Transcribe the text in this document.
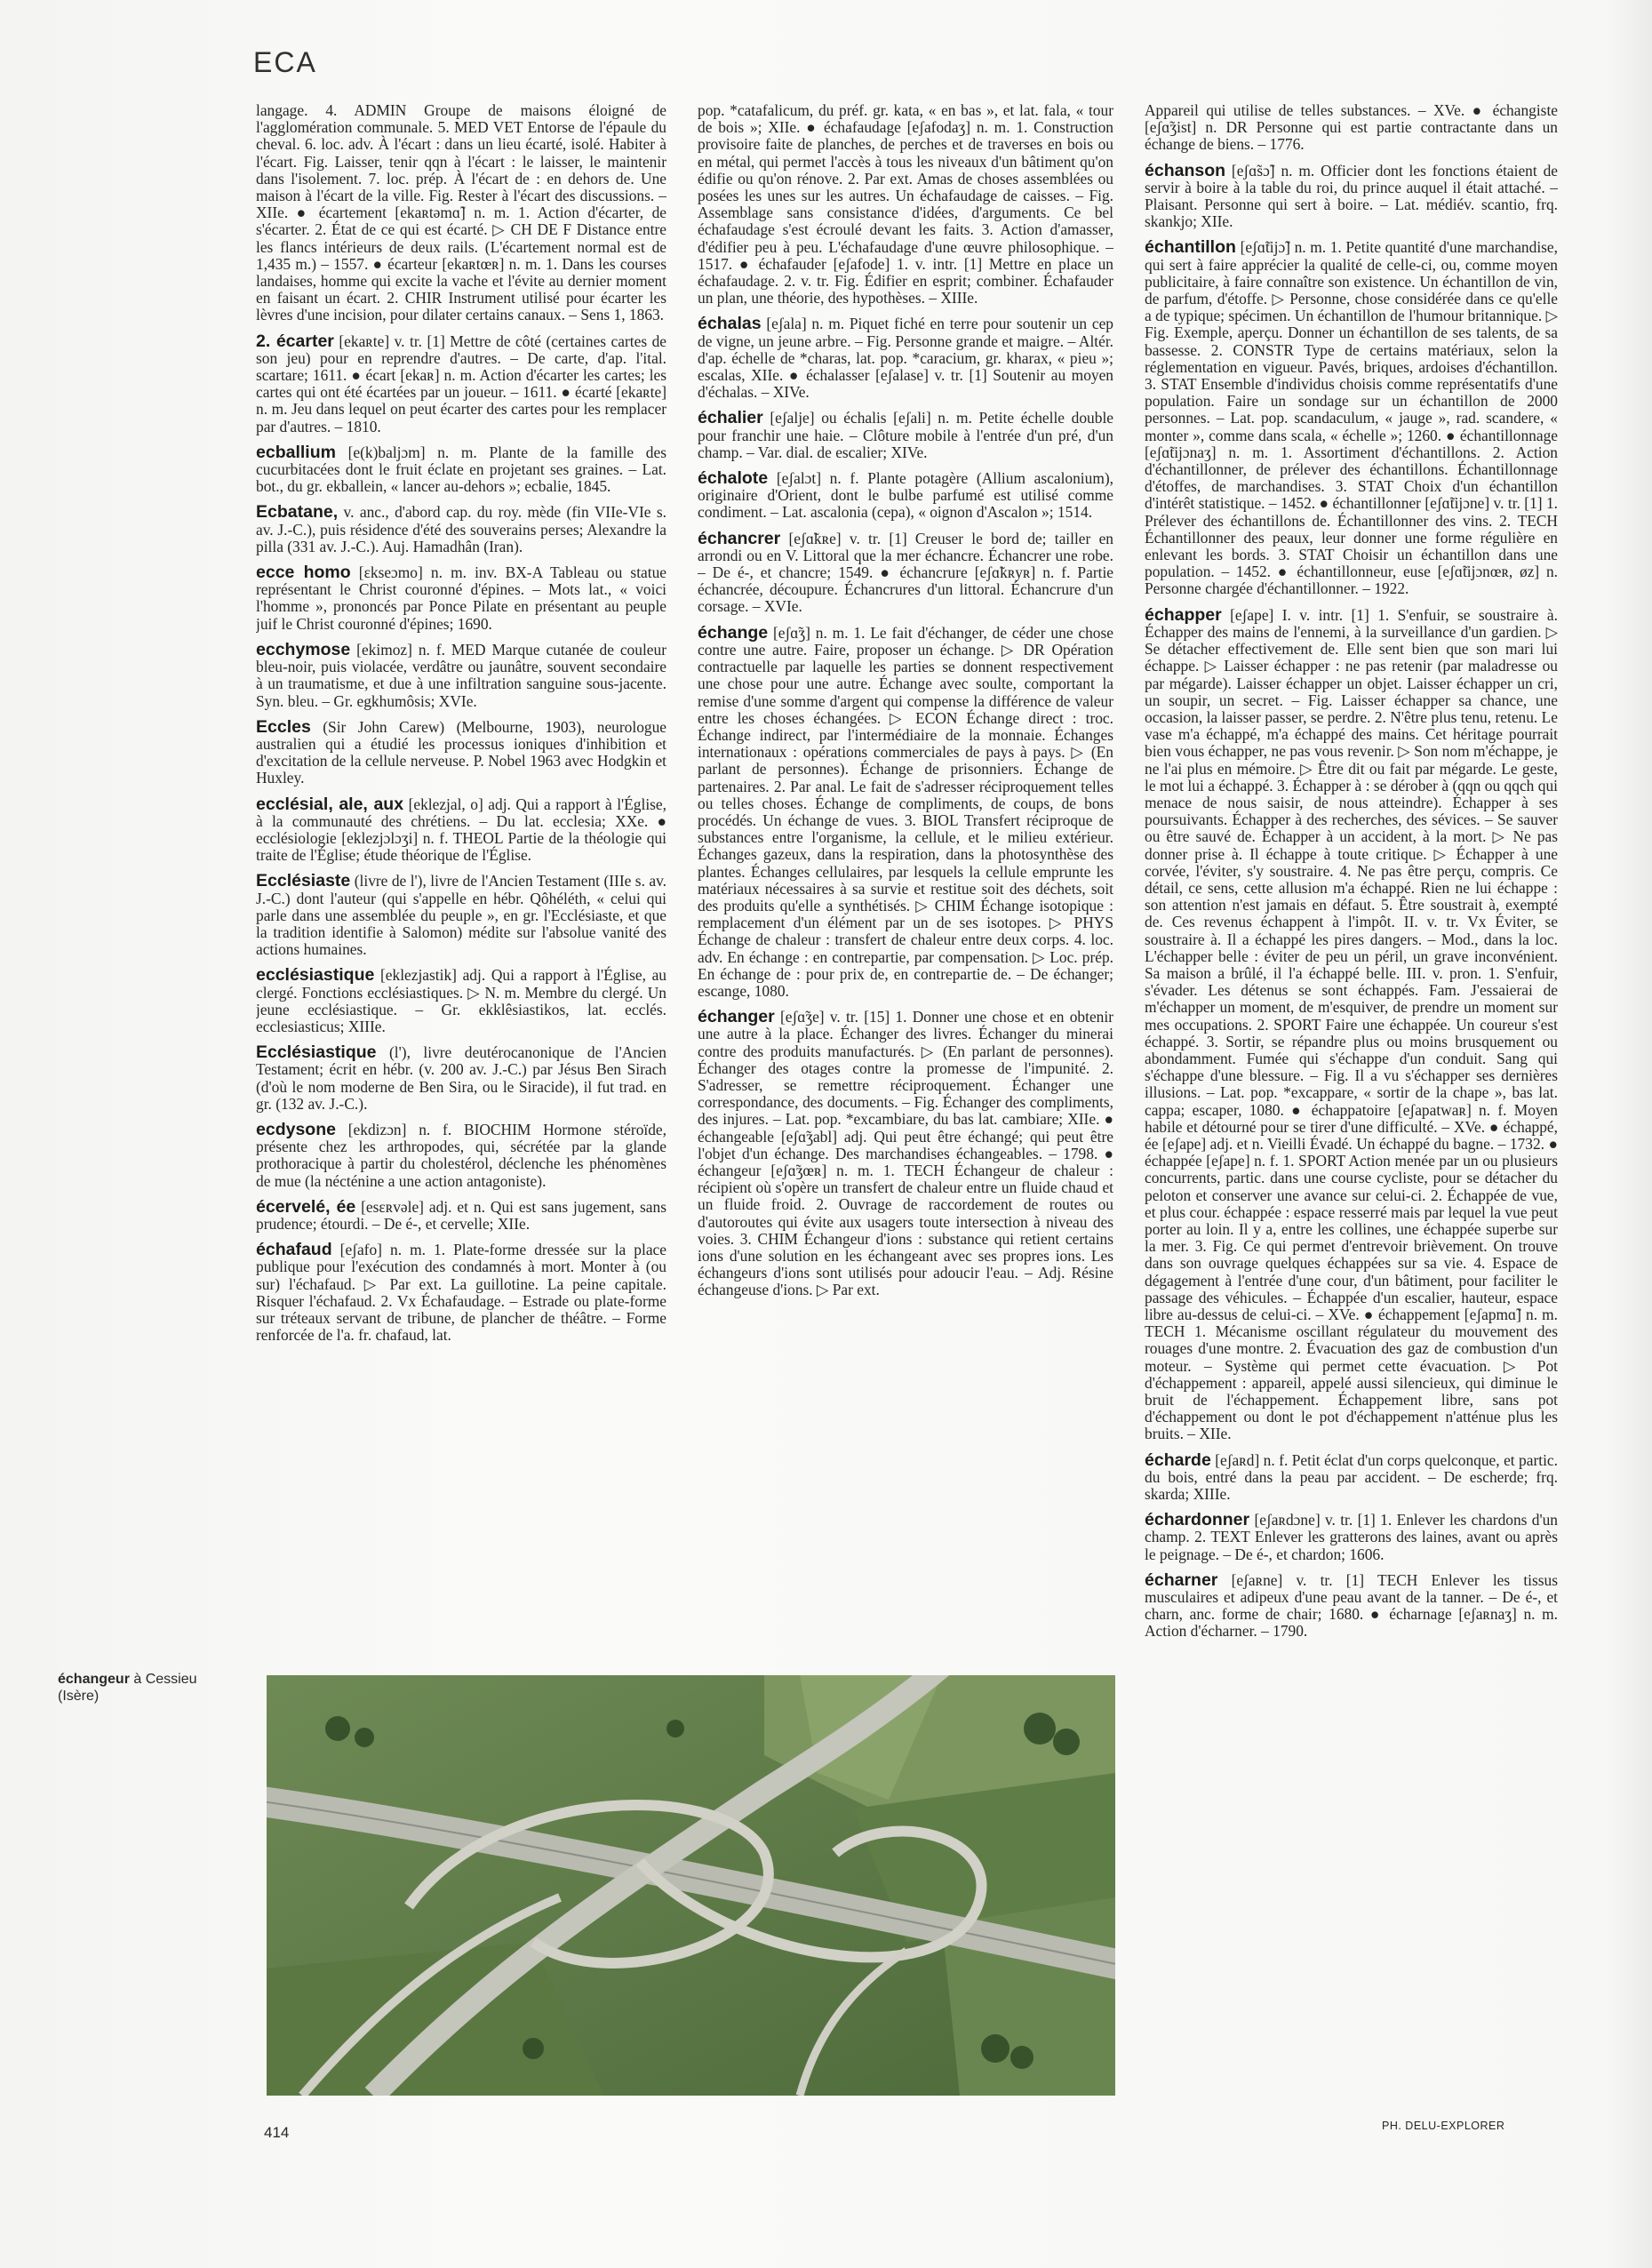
ECA

langage. 4. ADMIN Groupe de maisons éloigné de l'agglomération communale. 5. MED VET Entorse de l'épaule du cheval. 6. loc. adv. À l'écart : dans un lieu écarté, isolé. Habiter à l'écart. Fig. Laisser, tenir qqn à l'écart : le laisser, le maintenir dans l'isolement. 7. loc. prép. À l'écart de : en dehors de. Une maison à l'écart de la ville. Fig. Rester à l'écart des discussions. – XIIe. ● écartement [ekaʀtəmɑ̃] n. m. 1. Action d'écarter, de s'écarter. 2. État de ce qui est écarté. ▷ CH DE F Distance entre les flancs intérieurs de deux rails. (L'écartement normal est de 1,435 m.) – 1557. ● écarteur [ekaʀtœʀ] n. m. 1. Dans les courses landaises, homme qui excite la vache et l'évite au dernier moment en faisant un écart. 2. CHIR Instrument utilisé pour écarter les lèvres d'une incision, pour dilater certains canaux. – Sens 1, 1863.

2. écarter [ekaʀte] v. tr. [1] Mettre de côté (certaines cartes de son jeu) pour en reprendre d'autres. – De carte, d'ap. l'ital. scartare; 1611. ● écart [ekaʀ] n. m. Action d'écarter les cartes; les cartes qui ont été écartées par un joueur. – 1611. ● écarté [ekaʀte] n. m. Jeu dans lequel on peut écarter des cartes pour les remplacer par d'autres. – 1810.

ecballium [e(k)balјɔm] n. m. Plante de la famille des cucurbitacées dont le fruit éclate en projetant ses graines. – Lat. bot., du gr. ekballein, « lancer au-dehors »; ecbalie, 1845.

Ecbatane, v. anc., d'abord cap. du roy. mède (fin VIIe-VIe s. av. J.-C.), puis résidence d'été des souverains perses; Alexandre la pilla (331 av. J.-C.). Auj. Hamadhân (Iran).

ecce homo [ɛkseɔmo] n. m. inv. BX-A Tableau ou statue représentant le Christ couronné d'épines. – Mots lat., « voici l'homme », prononcés par Ponce Pilate en présentant au peuple juif le Christ couronné d'épines; 1690.

ecchymose [ekimoz] n. f. MED Marque cutanée de couleur bleu-noir, puis violacée, verdâtre ou jaunâtre, souvent secondaire à un traumatisme, et due à une infiltration sanguine sous-jacente. Syn. bleu. – Gr. egkhumôsis; XVIe.

Eccles (Sir John Carew) (Melbourne, 1903), neurologue australien qui a étudié les processus ioniques d'inhibition et d'excitation de la cellule nerveuse. P. Nobel 1963 avec Hodgkin et Huxley.

ecclésial, ale, aux [eklezjal, o] adj. Qui a rapport à l'Église, à la communauté des chrétiens. – Du lat. ecclesia; XXe. ● ecclésiologie [eklezjɔlɔʒi] n. f. THEOL Partie de la théologie qui traite de l'Église; étude théorique de l'Église.

Ecclésiaste (livre de l'), livre de l'Ancien Testament (IIIe s. av. J.-C.) dont l'auteur (qui s'appelle en hébr. Qôhéléth, « celui qui parle dans une assemblée du peuple », en gr. l'Ecclésiaste, et que la tradition identifie à Salomon) médite sur l'absolue vanité des actions humaines.

ecclésiastique [eklezjastik] adj. Qui a rapport à l'Église, au clergé. Fonctions ecclésiastiques. ▷ N. m. Membre du clergé. Un jeune ecclésiastique. – Gr. ekklêsiastikos, lat. ecclés. ecclesiasticus; XIIIe.

Ecclésiastique (l'), livre deutérocanonique de l'Ancien Testament; écrit en hébr. (v. 200 av. J.-C.) par Jésus Ben Sirach (d'où le nom moderne de Ben Sira, ou le Siracide), il fut trad. en gr. (132 av. J.-C.).

ecdysone [ekdizɔn] n. f. BIOCHIM Hormone stéroïde, présente chez les arthropodes, qui, sécrétée par la glande prothoracique à partir du cholestérol, déclenche les phénomènes de mue (la nécténine a une action antagoniste).

écervelé, ée [esɛʀvəle] adj. et n. Qui est sans jugement, sans prudence; étourdi. – De é-, et cervelle; XIIe.

échafaud [eʃafo] n. m. 1. Plate-forme dressée sur la place publique pour l'exécution des condamnés à mort. Monter à (ou sur) l'échafaud. ▷ Par ext. La guillotine. La peine capitale. Risquer l'échafaud. 2. Vx Échafaudage. – Estrade ou plate-forme sur tréteaux servant de tribune, de plancher de théâtre. – Forme renforcée de l'a. fr. chafaud, lat.

pop. *catafalicum, du préf. gr. kata, « en bas », et lat. fala, « tour de bois »; XIIe. ● échafaudage [eʃafodaʒ] n. m. 1. Construction provisoire faite de planches, de perches et de traverses en bois ou en métal, qui permet l'accès à tous les niveaux d'un bâtiment qu'on édifie ou qu'on rénove. 2. Par ext. Amas de choses assemblées ou posées les unes sur les autres. Un échafaudage de caisses. – Fig. Assemblage sans consistance d'idées, d'arguments. Ce bel échafaudage s'est écroulé devant les faits. 3. Action d'amasser, d'édifier peu à peu. L'échafaudage d'une œuvre philosophique. – 1517. ● échafauder [eʃafode] 1. v. intr. [1] Mettre en place un échafaudage. 2. v. tr. Fig. Édifier en esprit; combiner. Échafauder un plan, une théorie, des hypothèses. – XIIIe.

échalas [eʃala] n. m. Piquet fiché en terre pour soutenir un cep de vigne, un jeune arbre. – Fig. Personne grande et maigre. – Altér. d'ap. échelle de *charas, lat. pop. *caracium, gr. kharax, « pieu »; escalas, XIIe. ● échalasser [eʃalase] v. tr. [1] Soutenir au moyen d'échalas. – XIVe.

échalier [eʃalje] ou échalis [eʃali] n. m. Petite échelle double pour franchir une haie. – Clôture mobile à l'entrée d'un pré, d'un champ. – Var. dial. de escalier; XIVe.

échalote [eʃalɔt] n. f. Plante potagère (Allium ascalonium), originaire d'Orient, dont le bulbe parfumé est utilisé comme condiment. – Lat. ascalonia (cepa), « oignon d'Ascalon »; 1514.

échancrer [eʃɑ̃kʀe] v. tr. [1] Creuser le bord de; tailler en arrondi ou en V. Littoral que la mer échancre. Échancrer une robe. – De é-, et chancre; 1549. ● échancrure [eʃɑ̃kʀyʀ] n. f. Partie échancrée, découpure. Échancrures d'un littoral. Échancrure d'un corsage. – XVIe.

échange [eʃɑ̃ʒ] n. m. 1. Le fait d'échanger, de céder une chose contre une autre. Faire, proposer un échange. ▷ DR Opération contractuelle par laquelle les parties se donnent respectivement une chose pour une autre. Échange avec soulte, comportant la remise d'une somme d'argent qui compense la différence de valeur entre les choses échangées. ▷ ECON Échange direct : troc. Échange indirect, par l'intermédiaire de la monnaie. Échanges internationaux : opérations commerciales de pays à pays. ▷ (En parlant de personnes). Échange de prisonniers. Échange de partenaires. 2. Par anal. Le fait de s'adresser réciproquement telles ou telles choses. Échange de compliments, de coups, de bons procédés. Un échange de vues. 3. BIOL Transfert réciproque de substances entre l'organisme, la cellule, et le milieu extérieur. Échanges gazeux, dans la respiration, dans la photosynthèse des plantes. Échanges cellulaires, par lesquels la cellule emprunte les matériaux nécessaires à sa survie et restitue soit des déchets, soit des produits qu'elle a synthétisés. ▷ CHIM Échange isotopique : remplacement d'un élément par un de ses isotopes. ▷ PHYS Échange de chaleur : transfert de chaleur entre deux corps. 4. loc. adv. En échange : en contrepartie, par compensation. ▷ Loc. prép. En échange de : pour prix de, en contrepartie de. – De échanger; escange, 1080.

échanger [eʃɑ̃ʒe] v. tr. [15] 1. Donner une chose et en obtenir une autre à la place. Échanger des livres. Échanger du minerai contre des produits manufacturés. ▷ (En parlant de personnes). Échanger des otages contre la promesse de l'impunité. 2. S'adresser, se remettre réciproquement. Échanger une correspondance, des documents. – Fig. Échanger des compliments, des injures. – Lat. pop. *excambiare, du bas lat. cambiare; XIIe. ● échangeable [eʃɑ̃ʒabl] adj. Qui peut être échangé; qui peut être l'objet d'un échange. Des marchandises échangeables. – 1798. ● échangeur [eʃɑ̃ʒœʀ] n. m. 1. TECH Échangeur de chaleur : récipient où s'opère un transfert de chaleur entre un fluide chaud et un fluide froid. 2. Ouvrage de raccordement de routes ou d'autoroutes qui évite aux usagers toute intersection à niveau des voies. 3. CHIM Échangeur d'ions : substance qui retient certains ions d'une solution en les échangeant avec ses propres ions. Les échangeurs d'ions sont utilisés pour adoucir l'eau. – Adj. Résine échangeuse d'ions. ▷ Par ext.

Appareil qui utilise de telles substances. – XVe. ● échangiste [eʃɑ̃ʒist] n. DR Personne qui est partie contractante dans un échange de biens. – 1776.

échanson [eʃɑ̃sɔ̃] n. m. Officier dont les fonctions étaient de servir à boire à la table du roi, du prince auquel il était attaché. – Plaisant. Personne qui sert à boire. – Lat. médiév. scantio, frq. skankjo; XIIe.

échantillon [eʃɑ̃tijɔ̃] n. m. 1. Petite quantité d'une marchandise, qui sert à faire apprécier la qualité de celle-ci, ou, comme moyen publicitaire, à faire connaître son existence. Un échantillon de vin, de parfum, d'étoffe. ▷ Personne, chose considérée dans ce qu'elle a de typique; spécimen. Un échantillon de l'humour britannique. ▷ Fig. Exemple, aperçu. Donner un échantillon de ses talents, de sa bassesse. 2. CONSTR Type de certains matériaux, selon la réglementation en vigueur. Pavés, briques, ardoises d'échantillon. 3. STAT Ensemble d'individus choisis comme représentatifs d'une population. Faire un sondage sur un échantillon de 2000 personnes. – Lat. pop. scandaculum, « jauge », rad. scandere, « monter », comme dans scala, « échelle »; 1260. ● échantillonnage [eʃɑ̃tijɔnaʒ] n. m. 1. Assortiment d'échantillons. 2. Action d'échantillonner, de prélever des échantillons. Échantillonnage d'étoffes, de marchandises. 3. STAT Choix d'un échantillon d'intérêt statistique. – 1452. ● échantillonner [eʃɑ̃tijɔne] v. tr. [1] 1. Prélever des échantillons de. Échantillonner des vins. 2. TECH Échantillonner des peaux, leur donner une forme régulière en enlevant les bords. 3. STAT Choisir un échantillon dans une population. – 1452. ● échantillonneur, euse [eʃɑ̃tijɔnœʀ, øz] n. Personne chargée d'échantillonner. – 1922.

échapper [eʃape] I. v. intr. [1] 1. S'enfuir, se soustraire à. Échapper des mains de l'ennemi, à la surveillance d'un gardien. ▷ Se détacher effectivement de. Elle sent bien que son mari lui échappe. ▷ Laisser échapper : ne pas retenir (par maladresse ou par mégarde). Laisser échapper un objet. Laisser échapper un cri, un soupir, un secret. – Fig. Laisser échapper sa chance, une occasion, la laisser passer, se perdre. 2. N'être plus tenu, retenu. Le vase m'a échappé, m'a échappé des mains. Cet héritage pourrait bien vous échapper, ne pas vous revenir. ▷ Son nom m'échappe, je ne l'ai plus en mémoire. ▷ Être dit ou fait par mégarde. Le geste, le mot lui a échappé. 3. Échapper à : se dérober à (qqn ou qqch qui menace de nous saisir, de nous atteindre). Échapper à ses poursuivants. Échapper à des recherches, des sévices. – Se sauver ou être sauvé de. Échapper à un accident, à la mort. ▷ Ne pas donner prise à. Il échappe à toute critique. ▷ Échapper à une corvée, l'éviter, s'y soustraire. 4. Ne pas être perçu, compris. Ce détail, ce sens, cette allusion m'a échappé. Rien ne lui échappe : son attention n'est jamais en défaut. 5. Être soustrait à, exempté de. Ces revenus échappent à l'impôt. II. v. tr. Vx Éviter, se soustraire à. Il a échappé les pires dangers. – Mod., dans la loc. L'échapper belle : éviter de peu un péril, un grave inconvénient. Sa maison a brûlé, il l'a échappé belle. III. v. pron. 1. S'enfuir, s'évader. Les détenus se sont échappés. Fam. J'essaierai de m'échapper un moment, de m'esquiver, de prendre un moment sur mes occupations. 2. SPORT Faire une échappée. Un coureur s'est échappé. 3. Sortir, se répandre plus ou moins brusquement ou abondamment. Fumée qui s'échappe d'un conduit. Sang qui s'échappe d'une blessure. – Fig. Il a vu s'échapper ses dernières illusions. – Lat. pop. *excappare, « sortir de la chape », bas lat. cappa; escaper, 1080. ● échappatoire [eʃapatwaʀ] n. f. Moyen habile et détourné pour se tirer d'une difficulté. – XVe. ● échappé, ée [eʃape] adj. et n. Vieilli Évadé. Un échappé du bagne. – 1732. ● échappée [eʃape] n. f. 1. SPORT Action menée par un ou plusieurs concurrents, partic. dans une course cycliste, pour se détacher du peloton et conserver une avance sur celui-ci. 2. Échappée de vue, et plus cour. échappée : espace resserré mais par lequel la vue peut porter au loin. Il y a, entre les collines, une échappée superbe sur la mer. 3. Fig. Ce qui permet d'entrevoir brièvement. On trouve dans son ouvrage quelques échappées sur sa vie. 4. Espace de dégagement à l'entrée d'une cour, d'un bâtiment, pour faciliter le passage des véhicules. – Échappée d'un escalier, hauteur, espace libre au-dessus de celui-ci. – XVe. ● échappement [eʃapmɑ̃] n. m. TECH 1. Mécanisme oscillant régulateur du mouvement des rouages d'une montre. 2. Évacuation des gaz de combustion d'un moteur. – Système qui permet cette évacuation. ▷ Pot d'échappement : appareil, appelé aussi silencieux, qui diminue le bruit de l'échappement. Échappement libre, sans pot d'échappement ou dont le pot d'échappement n'atténue plus les bruits. – XIIe.

écharde [eʃaʀd] n. f. Petit éclat d'un corps quelconque, et partic. du bois, entré dans la peau par accident. – De escherde; frq. skarda; XIIIe.

échardonner [eʃaʀdɔne] v. tr. [1] 1. Enlever les chardons d'un champ. 2. TEXT Enlever les gratterons des laines, avant ou après le peignage. – De é-, et chardon; 1606.

écharner [eʃaʀne] v. tr. [1] TECH Enlever les tissus musculaires et adipeux d'une peau avant de la tanner. – De é-, et charn, anc. forme de chair; 1680. ● écharnage [eʃaʀnaʒ] n. m. Action d'écharner. – 1790.

échangeur à Cessieu (Isère)
414	PH. DELU-EXPLORER
